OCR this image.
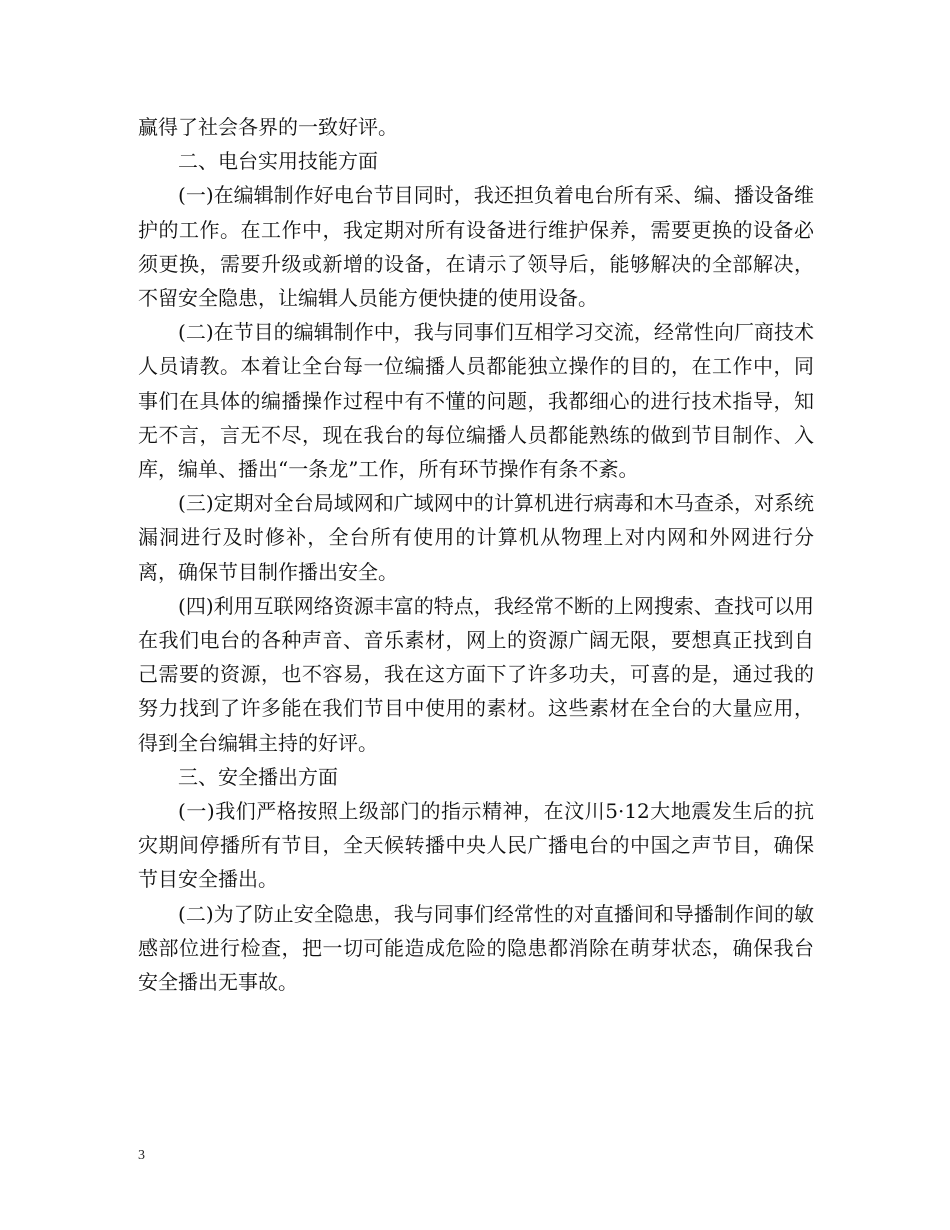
赢得了社会各界的一致好评。

二、电台实用技能方面

(一)在编辑制作好电台节目同时，我还担负着电台所有采、编、播设备维护的工作。在工作中，我定期对所有设备进行维护保养，需要更换的设备必须更换，需要升级或新增的设备，在请示了领导后，能够解决的全部解决，不留安全隐患，让编辑人员能方便快捷的使用设备。

(二)在节目的编辑制作中，我与同事们互相学习交流，经常性向厂商技术人员请教。本着让全台每一位编播人员都能独立操作的目的，在工作中，同事们在具体的编播操作过程中有不懂的问题，我都细心的进行技术指导，知无不言，言无不尽，现在我台的每位编播人员都能熟练的做到节目制作、入库，编单、播出“一条龙”工作，所有环节操作有条不紊。

(三)定期对全台局域网和广域网中的计算机进行病毒和木马查杀，对系统漏洞进行及时修补，全台所有使用的计算机从物理上对内网和外网进行分离，确保节目制作播出安全。

(四)利用互联网络资源丰富的特点，我经常不断的上网搜索、查找可以用在我们电台的各种声音、音乐素材，网上的资源广阔无限，要想真正找到自己需要的资源，也不容易，我在这方面下了许多功夫，可喜的是，通过我的努力找到了许多能在我们节目中使用的素材。这些素材在全台的大量应用，得到全台编辑主持的好评。

三、安全播出方面

(一)我们严格按照上级部门的指示精神，在汶川5·12大地震发生后的抗灾期间停播所有节目，全天候转播中央人民广播电台的中国之声节目，确保节目安全播出。

(二)为了防止安全隐患，我与同事们经常性的对直播间和导播制作间的敏感部位进行检查，把一切可能造成危险的隐患都消除在萌芽状态，确保我台安全播出无事故。

3
